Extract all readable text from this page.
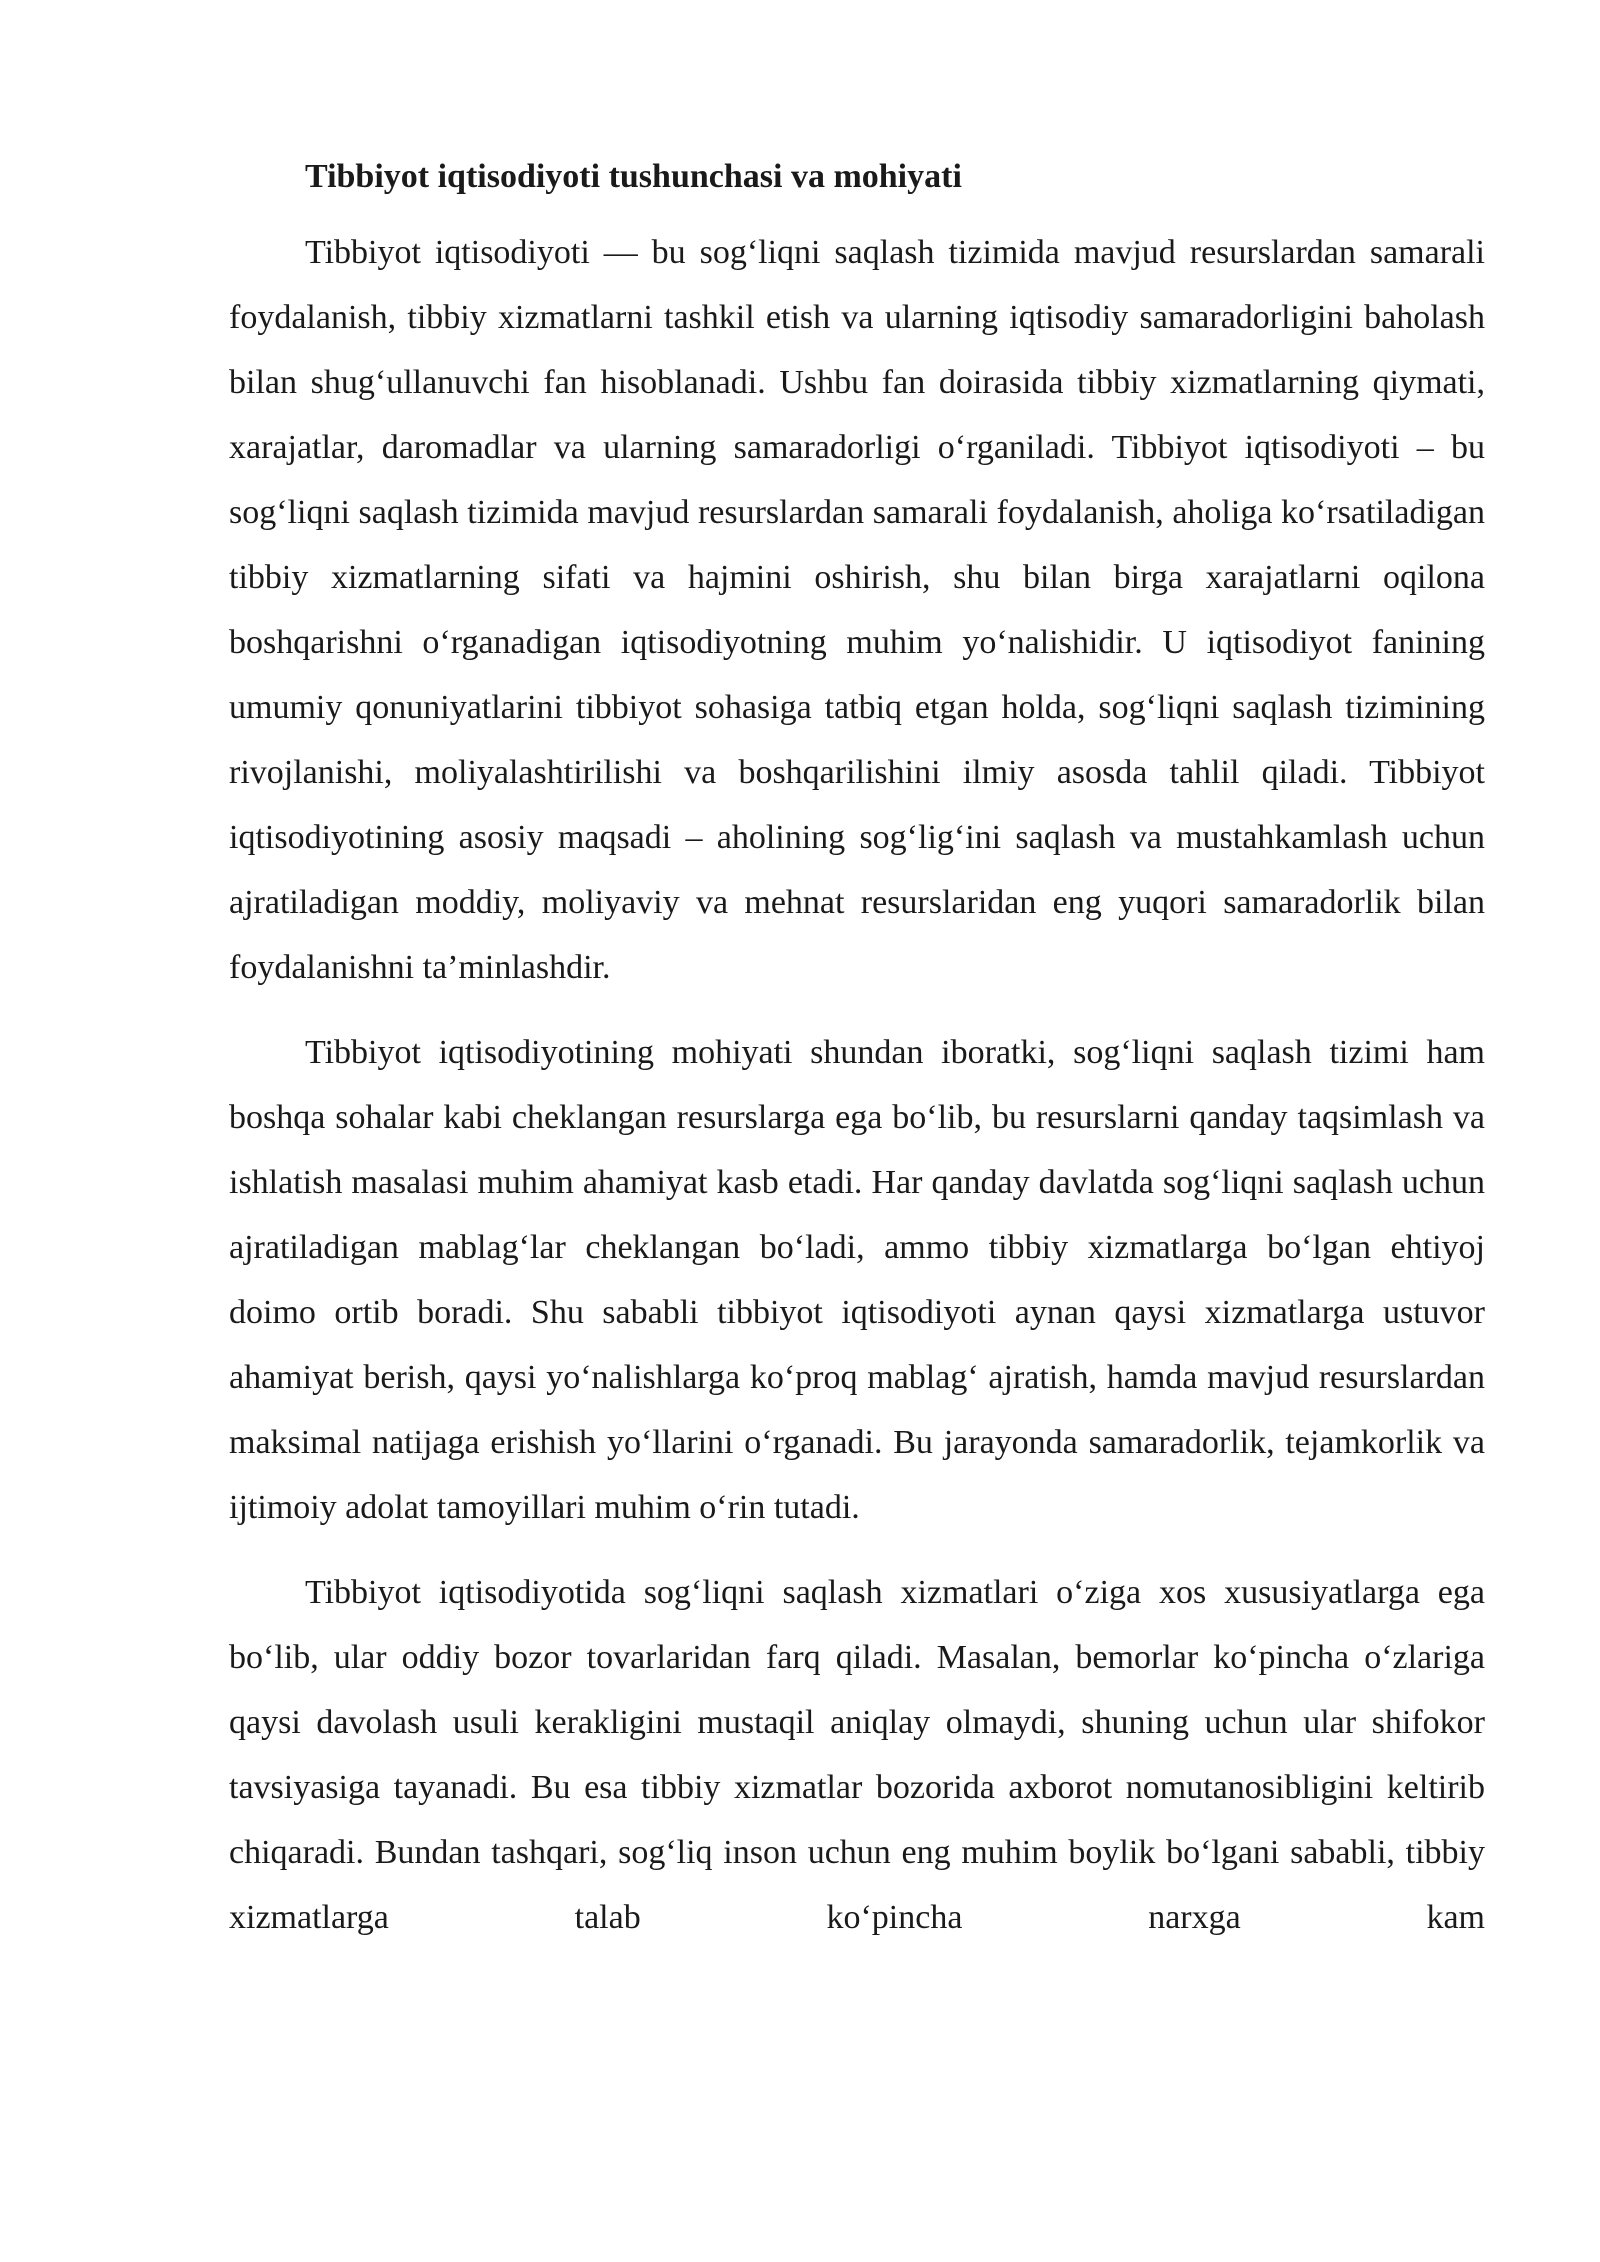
Tibbiyot iqtisodiyoti tushunchasi va mohiyati

Tibbiyot iqtisodiyoti — bu sog‘liqni saqlash tizimida mavjud resurslardan samarali foydalanish, tibbiy xizmatlarni tashkil etish va ularning iqtisodiy samaradorligini baholash bilan shug‘ullanuvchi fan hisoblanadi. Ushbu fan doirasida tibbiy xizmatlarning qiymati, xarajatlar, daromadlar va ularning samaradorligi o‘rganiladi. Tibbiyot iqtisodiyoti – bu sog‘liqni saqlash tizimida mavjud resurslardan samarali foydalanish, aholiga ko‘rsatiladigan tibbiy xizmatlarning sifati va hajmini oshirish, shu bilan birga xarajatlarni oqilona boshqarishni o‘rganadigan iqtisodiyotning muhim yo‘nalishidir. U iqtisodiyot fanining umumiy qonuniyatlarini tibbiyot sohasiga tatbiq etgan holda, sog‘liqni saqlash tizimining rivojlanishi, moliyalashtirilishi va boshqarilishini ilmiy asosda tahlil qiladi. Tibbiyot iqtisodiyotining asosiy maqsadi – aholining sog‘lig‘ini saqlash va mustahkamlash uchun ajratiladigan moddiy, moliyaviy va mehnat resurslaridan eng yuqori samaradorlik bilan foydalanishni ta’minlashdir.

Tibbiyot iqtisodiyotining mohiyati shundan iboratki, sog‘liqni saqlash tizimi ham boshqa sohalar kabi cheklangan resurslarga ega bo‘lib, bu resurslarni qanday taqsimlash va ishlatish masalasi muhim ahamiyat kasb etadi. Har qanday davlatda sog‘liqni saqlash uchun ajratiladigan mablag‘lar cheklangan bo‘ladi, ammo tibbiy xizmatlarga bo‘lgan ehtiyoj doimo ortib boradi. Shu sababli tibbiyot iqtisodiyoti aynan qaysi xizmatlarga ustuvor ahamiyat berish, qaysi yo‘nalishlarga ko‘proq mablag‘ ajratish, hamda mavjud resurslardan maksimal natijaga erishish yo‘llarini o‘rganadi. Bu jarayonda samaradorlik, tejamkorlik va ijtimoiy adolat tamoyillari muhim o‘rin tutadi.

Tibbiyot iqtisodiyotida sog‘liqni saqlash xizmatlari o‘ziga xos xususiyatlarga ega bo‘lib, ular oddiy bozor tovarlaridan farq qiladi. Masalan, bemorlar ko‘pincha o‘zlariga qaysi davolash usuli kerakligini mustaqil aniqlay olmaydi, shuning uchun ular shifokor tavsiyasiga tayanadi. Bu esa tibbiy xizmatlar bozorida axborot nomutanosibligini keltirib chiqaradi. Bundan tashqari, sog‘liq inson uchun eng muhim boylik bo‘lgani sababli, tibbiy xizmatlarga talab ko‘pincha narxga kam
